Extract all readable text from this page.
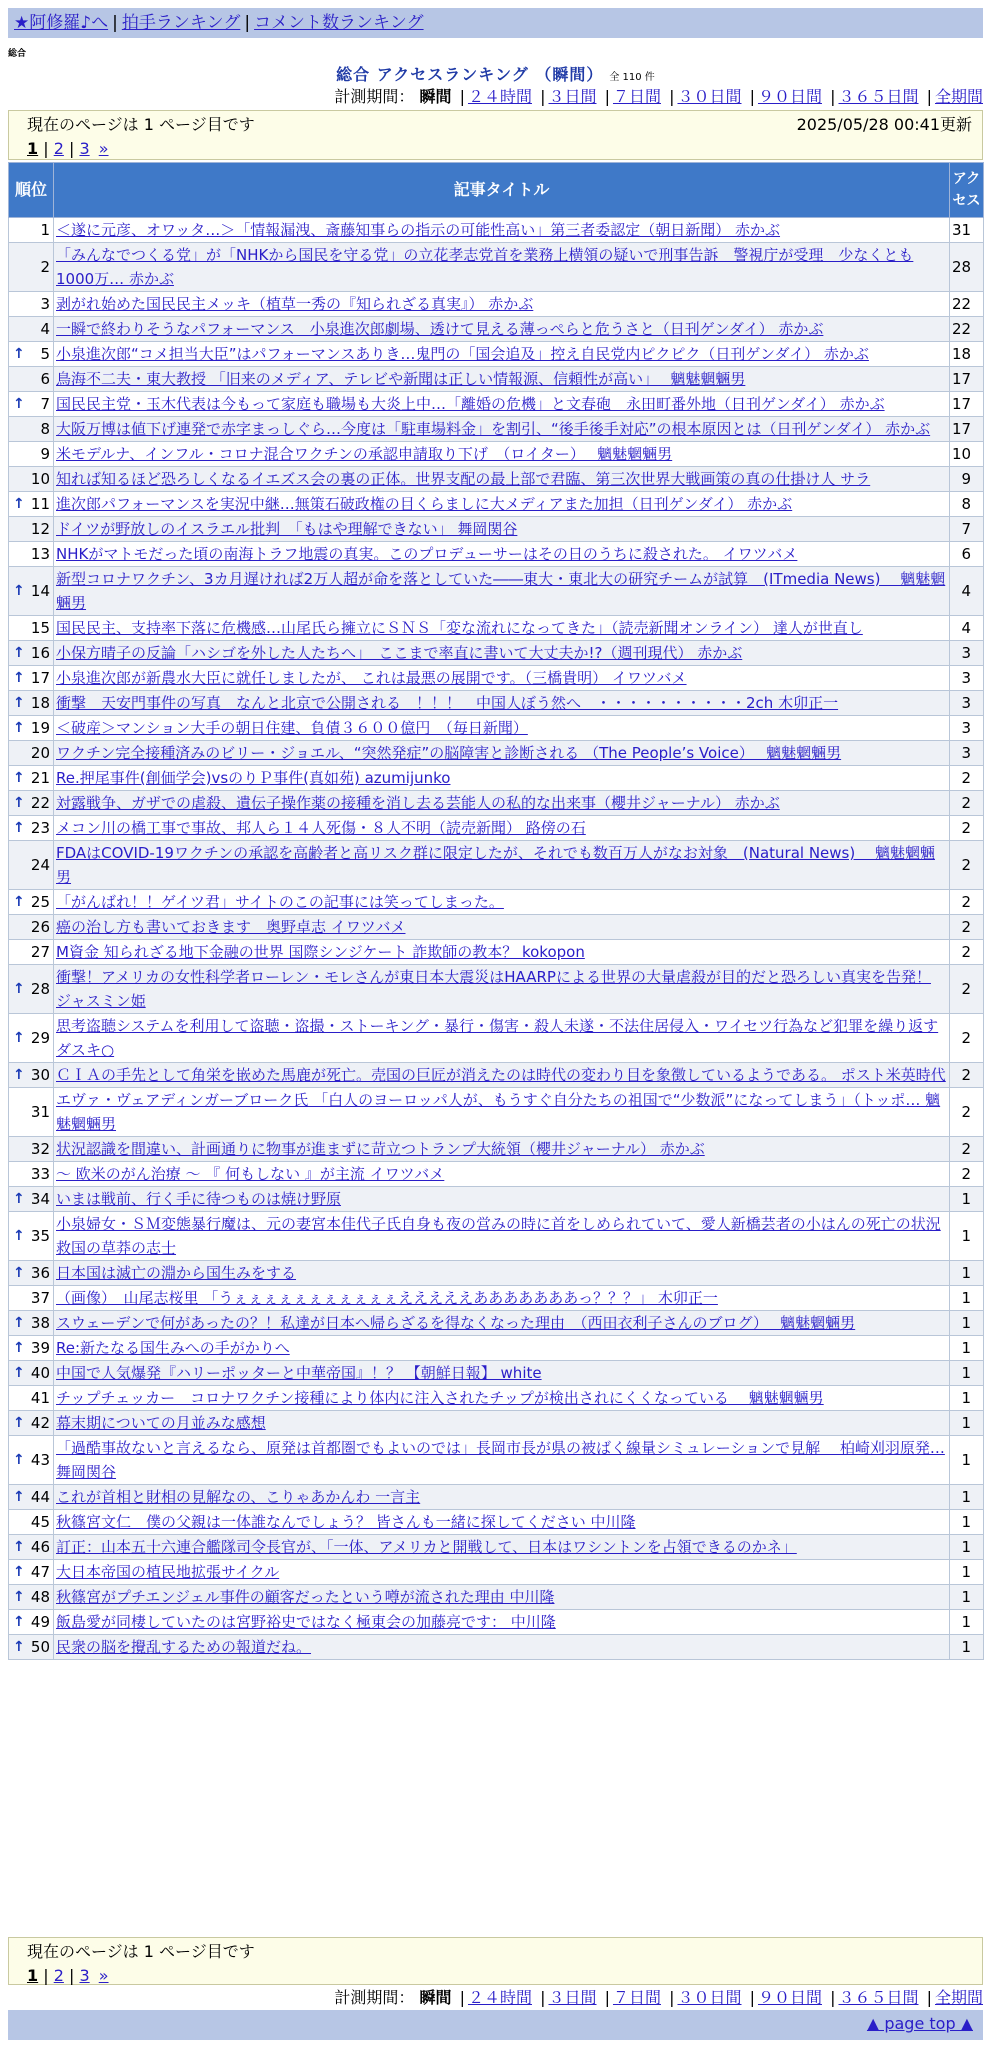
★阿修羅♪へ | 拍手ランキング | コメント数ランキング
総合
総合 アクセスランキング （瞬間） 全 110 件
計測期間： 瞬間 | ２４時間 | ３日間 | ７日間 | ３０日間 | ９０日間 | ３６５日間 | 全期間
現在のページは 1 ページ目です	2025/05/28 00:41更新
1 | 2 | 3 »
順位	記事タイトル	アクセス
1	＜遂に元彦、オワッタ…＞「情報漏洩、斎藤知事らの指示の可能性高い」第三者委認定（朝日新聞） 赤かぶ	31
2	「みんなでつくる党」が「NHKから国民を守る党」の立花孝志党首を業務上横領の疑いで刑事告訴　警視庁が受理　少なくとも1000万… 赤かぶ	28
3	剥がれ始めた国民民主メッキ（植草一秀の『知られざる真実』） 赤かぶ	22
4	一瞬で終わりそうなパフォーマンス　小泉進次郎劇場、透けて見える薄っぺらと危うさと（日刊ゲンダイ） 赤かぶ	22

↑ 5	小泉進次郎“コメ担当大臣”はパフォーマンスありき…鬼門の「国会追及」控え自民党内ピクピク（日刊ゲンダイ） 赤かぶ	18
6	鳥海不二夫・東大教授 「旧来のメディア、テレビや新聞は正しい情報源、信頼性が高い」　 魑魅魍魎男	17

↑ 7	国民民主党・玉木代表は今もって家庭も職場も大炎上中…「離婚の危機」と文春砲　永田町番外地（日刊ゲンダイ） 赤かぶ	17
8	大阪万博は値下げ連発で赤字まっしぐら…今度は「駐車場料金」を割引、“後手後手対応”の根本原因とは（日刊ゲンダイ） 赤かぶ	17
9	米モデルナ、インフル・コロナ混合ワクチンの承認申請取り下げ　（ロイター）　 魑魅魍魎男	10
10	知れば知るほど恐ろしくなるイエズス会の裏の正体。世界支配の最上部で君臨、第三次世界大戦画策の真の仕掛け人 サラ	9

↑ 11	進次郎パフォーマンスを実況中継…無策石破政権の目くらましに大メディアまた加担（日刊ゲンダイ） 赤かぶ	8
12	ドイツが野放しのイスラエル批判　「もはや理解できない」 舞岡関谷	7
13	NHKがマトモだった頃の南海トラフ地震の真実。このプロデューサーはその日のうちに殺された。 イワツバメ	6

↑ 14	新型コロナワクチン、3カ月遅ければ2万人超が命を落としていた――東大・東北大の研究チームが試算　(ITmedia News)　 魑魅魍魎男	4
15	国民民主、支持率下落に危機感…山尾氏ら擁立にＳＮＳ「変な流れになってきた」（読売新聞オンライン） 達人が世直し	4

↑ 16	小保方晴子の反論「ハシゴを外した人たちへ」　ここまで率直に書いて大丈夫か!?（週刊現代） 赤かぶ	3

↑ 17	小泉進次郎が新農水大臣に就任しましたが、 これは最悪の展開です。（三橋貴明） イワツバメ	3

↑ 18	衝撃　天安門事件の写真　なんと北京で公開される　！！！　中国人ぼう然へ　・・・・・・・・・・2ch 木卯正一	3

↑ 19	＜破産＞マンション大手の朝日住建、負債３６００億円　（毎日新聞）	3
20	ワクチン完全接種済みのビリー・ジョエル、“突然発症”の脳障害と診断される （The People’s Voice）　 魑魅魍魎男	3

↑ 21	Re.押尾事件(創価学会)vsのりＰ事件(真如苑) azumijunko	2

↑ 22	対露戦争、ガザでの虐殺、遺伝子操作薬の接種を消し去る芸能人の私的な出来事（櫻井ジャーナル） 赤かぶ	2

↑ 23	メコン川の橋工事で事故、邦人ら１４人死傷・８人不明（読売新聞） 路傍の石	2
24	FDAはCOVID-19ワクチンの承認を高齢者と高リスク群に限定したが、それでも数百万人がなお対象　(Natural News)　 魑魅魍魎男	2

↑ 25	「がんばれ！！ゲイツ君」サイトのこの記事には笑ってしまった。	2
26	癌の治し方も書いておきます　奥野卓志 イワツバメ	2
27	M資金 知られざる地下金融の世界 国際シンジケート 詐欺師の教本？ kokopon	2

↑ 28	衝撃！アメリカの女性科学者ローレン・モレさんが東日本大震災はHAARPによる世界の大量虐殺が目的だと恐ろしい真実を告発！ ジャスミン姫	2

↑ 29	思考盗聴システムを利用して盗聴・盗撮・ストーキング・暴行・傷害・殺人未遂・不法住居侵入・ワイセツ行為など犯罪を繰り返すダスキ○	2

↑ 30	ＣＩＡの手先として角栄を嵌めた馬鹿が死亡。売国の巨匠が消えたのは時代の変わり目を象徴しているようである。 ポスト米英時代	2
31	エヴァ・ヴェアディンガーブローク氏 「白人のヨーロッパ人が、もうすぐ自分たちの祖国で“少数派”になってしまう」（トッポ… 魑魅魍魎男	2
32	状況認識を間違い、計画通りに物事が進まずに苛立つトランプ大統領（櫻井ジャーナル） 赤かぶ	2
33	～ 欧米のがん治療 ～ 『 何もしない 』が主流 イワツバメ	2

↑ 34	いまは戦前、行く手に待つものは焼け野原	1

↑ 35	小泉婦女・ＳＭ変態暴行魔は、元の妻宮本佳代子氏自身も夜の営みの時に首をしめられていて、愛人新橋芸者の小はんの死亡の状況 救国の草莽の志士	1

↑ 36	日本国は滅亡の淵から国生みをする	1
37	（画像）　山尾志桜里 「うぇぇぇぇぇぇぇぇぇぇぇえええええあああああああっ？？？」 木卯正一	1

↑ 38	スウェーデンで何があったの？！私達が日本へ帰らざるを得なくなった理由　（西田衣利子さんのブログ）　 魑魅魍魎男	1

↑ 39	Re:新たなる国生みへの手がかりへ	1

↑ 40	中国で人気爆発『ハリーポッターと中華帝国』！？ 【朝鮮日報】 white	1
41	チップチェッカー　コロナワクチン接種により体内に注入されたチップが検出されにくくなっている　 魑魅魍魎男	1

↑ 42	幕末期についての月並みな感想	1

↑ 43	「過酷事故ないと言えるなら、原発は首都圏でもよいのでは」長岡市長が県の被ばく線量シミュレーションで見解　 柏崎刈羽原発… 舞岡関谷	1

↑ 44	これが首相と財相の見解なの、こりゃあかんわ 一言主	1
45	秋篠宮文仁　僕の父親は一体誰なんでしょう？ 皆さんも一緒に探してください 中川隆	1

↑ 46	訂正：山本五十六連合艦隊司令長官が、「一体、アメリカと開戦して、日本はワシントンを占領できるのかネ」	1

↑ 47	大日本帝国の植民地拡張サイクル	1

↑ 48	秋篠宮がプチエンジェル事件の顧客だったという噂が流された理由 中川隆	1

↑ 49	飯島愛が同棲していたのは宮野裕史ではなく極東会の加藤亮です： 中川隆	1

↑ 50	民衆の脳を攪乱するための報道だね。	1
現在のページは 1 ページ目です
1 | 2 | 3 »
計測期間： 瞬間 | ２４時間 | ３日間 | ７日間 | ３０日間 | ９０日間 | ３６５日間 | 全期間
▲ page top ▲
